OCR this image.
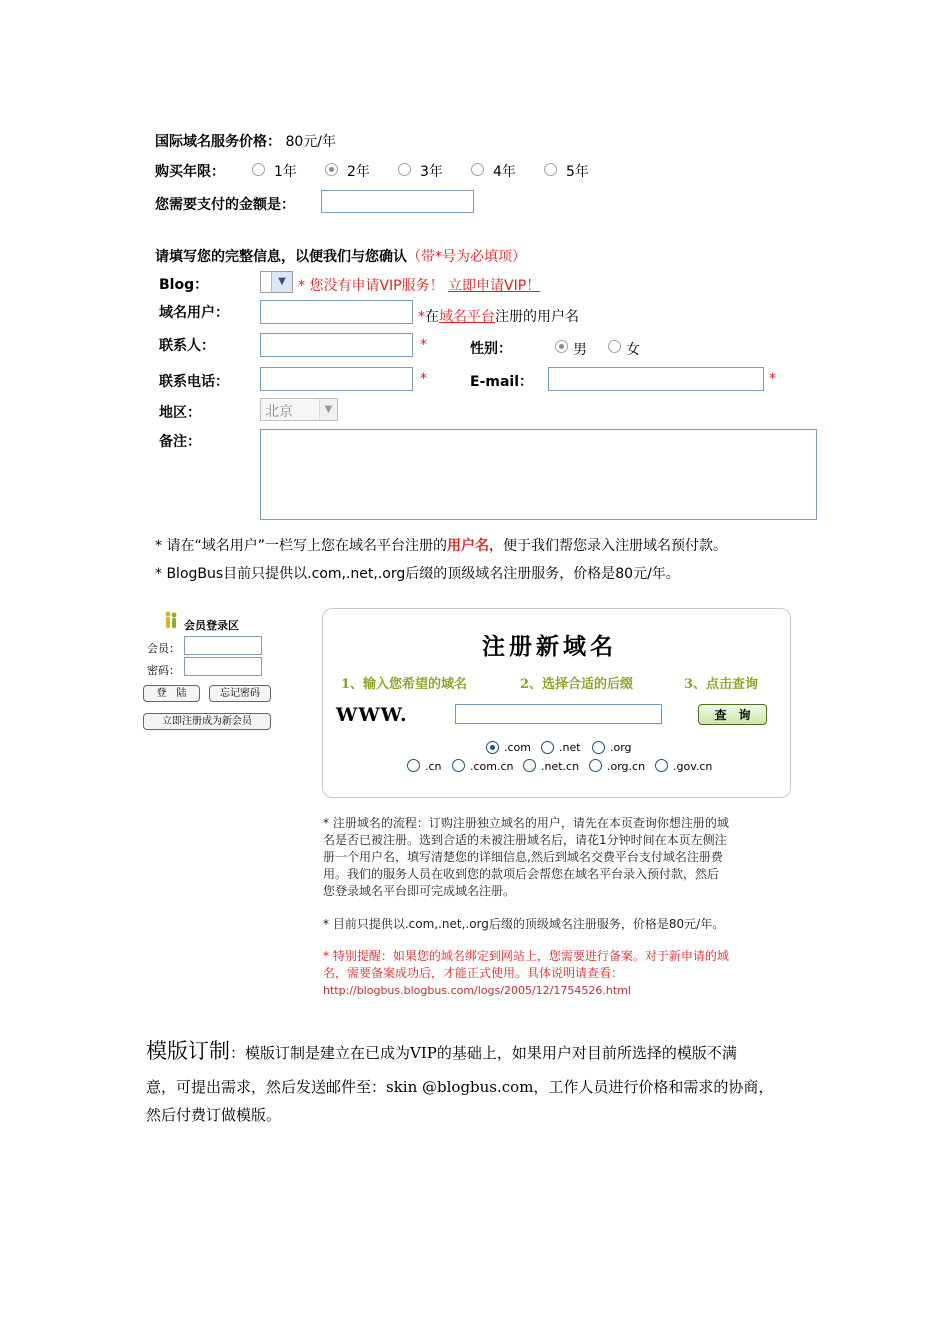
国际域名服务价格： 80元/年
购买年限：	1年	2年	3年	4年	5年
您需要支付的金额是：
请填写您的完整信息，以便我们与您确认（带*号为必填项）
Blog：	▼ * 您没有申请VIP服务！ 立即申请VIP！
域名用户：	*在域名平台注册的用户名
联系人：	*	性别：	男	女
联系电话：	*	E-mail：	*
地区：	北京	▼
备注：
* 请在“域名用户”一栏写上您在域名平台注册的用户名，便于我们帮您录入注册域名预付款。
* BlogBus目前只提供以.com,.net,.org后缀的顶级域名注册服务，价格是80元/年。
会员登录区
会员：
密码：
登　陆	忘记密码
立即注册成为新会员
注册新域名
1、输入您希望的域名	2、选择合适的后缀	3、点击查询
WWW.	查　询
.com	.net	.org
.cn	.com.cn .net.cn	.org.cn	.gov.cn
* 注册域名的流程：订购注册独立域名的用户，请先在本页查询你想注册的域
名是否已被注册。选到合适的未被注册域名后，请花1分钟时间在本页左侧注
册一个用户名，填写清楚您的详细信息,然后到域名交费平台支付域名注册费
用。我们的服务人员在收到您的款项后会帮您在域名平台录入预付款，然后
您登录域名平台即可完成域名注册。
* 目前只提供以.com,.net,.org后缀的顶级域名注册服务，价格是80元/年。
* 特别提醒：如果您的域名绑定到网站上，您需要进行备案。对于新申请的域
名，需要备案成功后，才能正式使用。具体说明请查看：
http://blogbus.blogbus.com/logs/2005/12/1754526.html
模版订制：模版订制是建立在已成为VIP的基础上，如果用户对目前所选择的模版不满
意，可提出需求，然后发送邮件至：skin @blogbus.com，工作人员进行价格和需求的协商，
然后付费订做模版。
